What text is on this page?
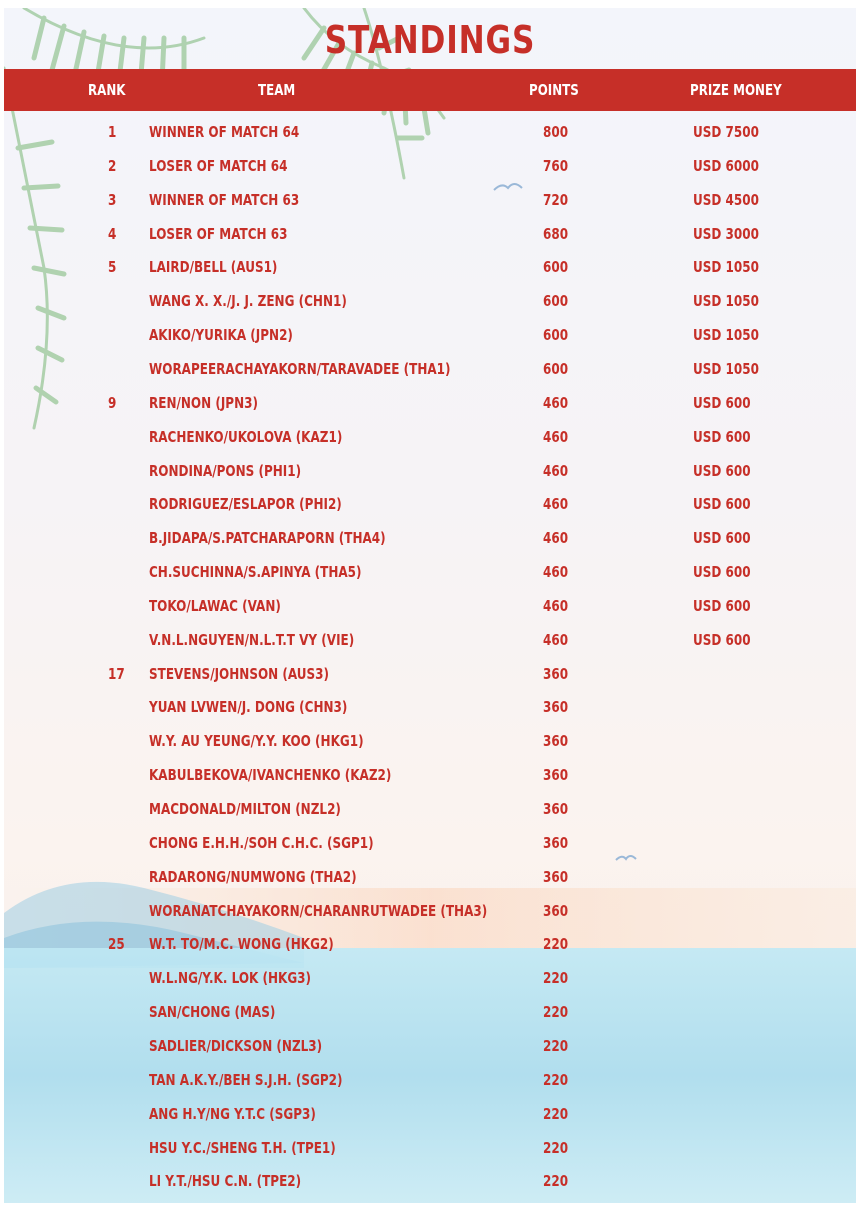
STANDINGS
RANK	TEAM	POINTS	PRIZE MONEY
1 WINNER OF MATCH 64	800	USD 7500
2 LOSER OF MATCH 64	760	USD 6000
3 WINNER OF MATCH 63	720	USD 4500
4 LOSER OF MATCH 63	680	USD 3000
5 LAIRD/BELL (AUS1)	600	USD 1050
WANG X. X./J. J. ZENG (CHN1)	600	USD 1050
AKIKO/YURIKA (JPN2)	600	USD 1050
WORAPEERACHAYAKORN/TARAVADEE (THA1)	600	USD 1050
9 REN/NON (JPN3)	460	USD 600
RACHENKO/UKOLOVA (KAZ1)	460	USD 600
RONDINA/PONS (PHI1)	460	USD 600
RODRIGUEZ/ESLAPOR (PHI2)	460	USD 600
B.JIDAPA/S.PATCHARAPORN (THA4)	460	USD 600
CH.SUCHINNA/S.APINYA (THA5)	460	USD 600
TOKO/LAWAC (VAN)	460	USD 600
V.N.L.NGUYEN/N.L.T.T VY (VIE)	460	USD 600
17 STEVENS/JOHNSON (AUS3)	360
YUAN LVWEN/J. DONG (CHN3)	360
W.Y. AU YEUNG/Y.Y. KOO (HKG1)	360
KABULBEKOVA/IVANCHENKO (KAZ2)	360
MACDONALD/MILTON (NZL2)	360
CHONG E.H.H./SOH C.H.C. (SGP1)	360
RADARONG/NUMWONG (THA2)	360
WORANATCHAYAKORN/CHARANRUTWADEE (THA3)	360
25 W.T. TO/M.C. WONG (HKG2)	220
W.L.NG/Y.K. LOK (HKG3)	220
SAN/CHONG (MAS)	220
SADLIER/DICKSON (NZL3)	220
TAN A.K.Y./BEH S.J.H. (SGP2)	220
ANG H.Y/NG Y.T.C (SGP3)	220
HSU Y.C./SHENG T.H. (TPE1)	220
LI Y.T./HSU C.N. (TPE2)	220
